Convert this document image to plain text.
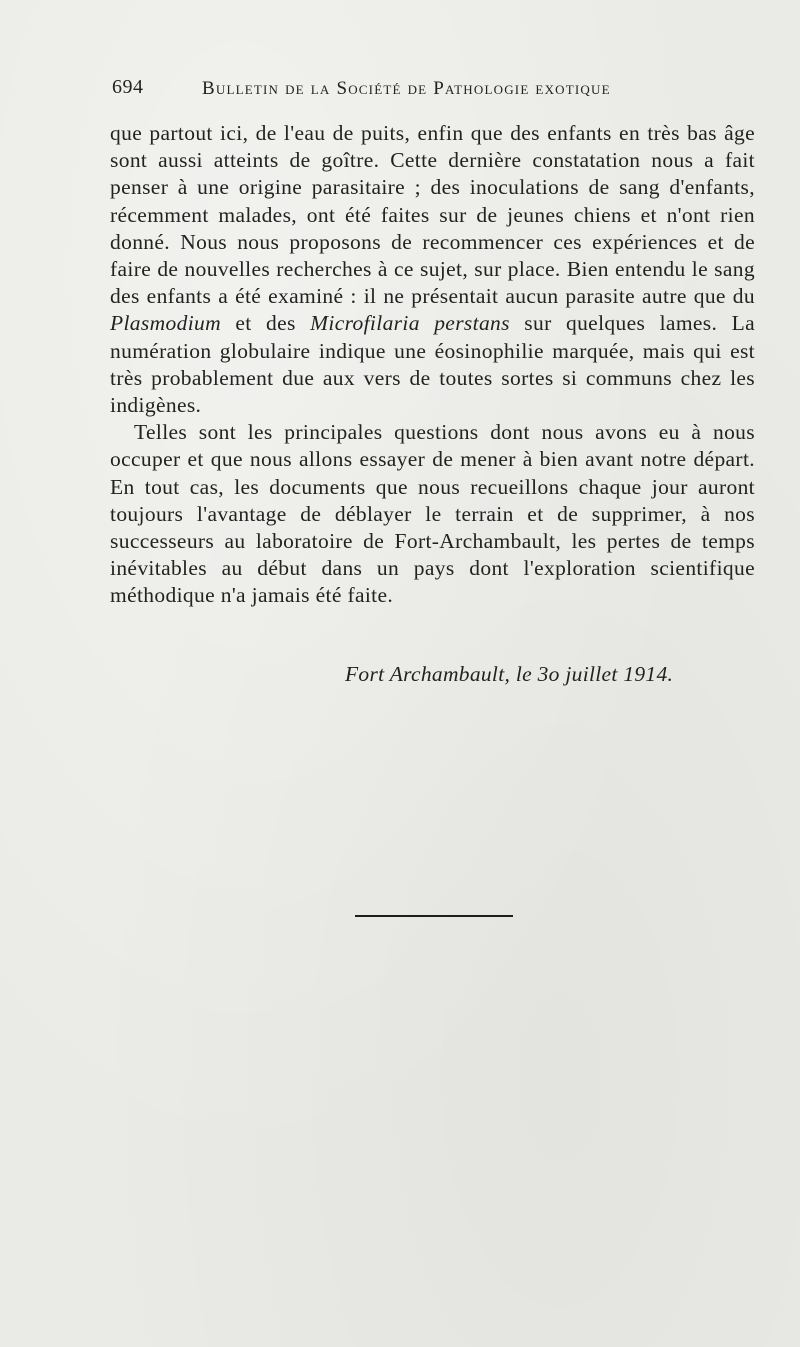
694	Bulletin de la Société de Pathologie exotique

que partout ici, de l'eau de puits, enfin que des enfants en très bas âge sont aussi atteints de goître. Cette dernière constatation nous a fait penser à une origine parasitaire ; des inoculations de sang d'enfants, récemment malades, ont été faites sur de jeunes chiens et n'ont rien donné. Nous nous proposons de recommencer ces expériences et de faire de nouvelles recherches à ce sujet, sur place. Bien entendu le sang des enfants a été examiné : il ne présentait aucun parasite autre que du Plasmodium et des Microfilaria perstans sur quelques lames. La numération globulaire indique une éosinophilie marquée, mais qui est très probablement due aux vers de toutes sortes si communs chez les indigènes.

Telles sont les principales questions dont nous avons eu à nous occuper et que nous allons essayer de mener à bien avant notre départ. En tout cas, les documents que nous recueillons chaque jour auront toujours l'avantage de déblayer le terrain et de supprimer, à nos successeurs au laboratoire de Fort-Archambault, les pertes de temps inévitables au début dans un pays dont l'exploration scientifique méthodique n'a jamais été faite.

Fort Archambault, le 3o juillet 1914.
